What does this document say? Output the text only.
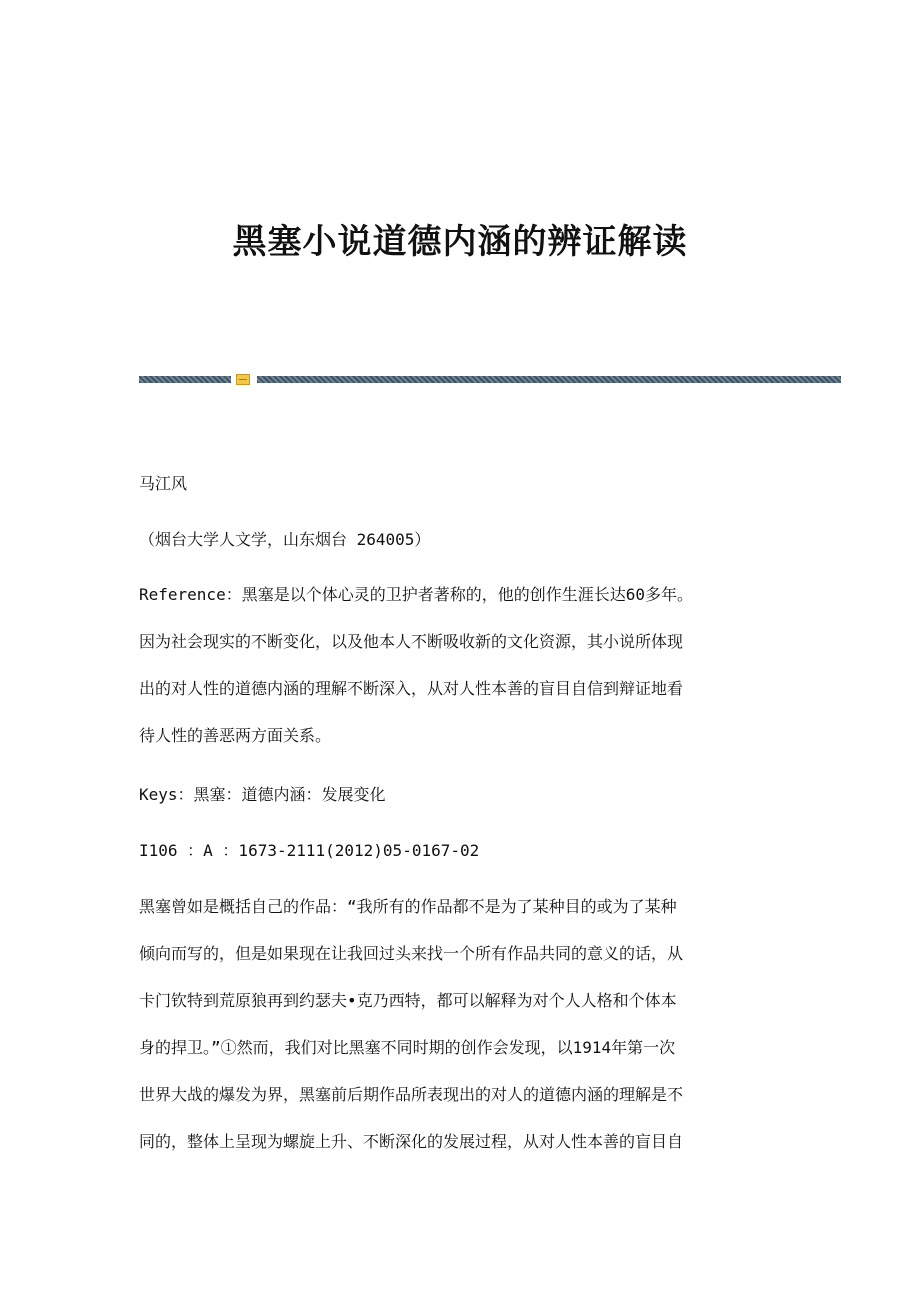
黑塞小说道德内涵的辨证解读

马江风

（烟台大学人文学，山东烟台 264005）

Reference：黑塞是以个体心灵的卫护者著称的，他的创作生涯长达60多年。
因为社会现实的不断变化，以及他本人不断吸收新的文化资源，其小说所体现
出的对人性的道德内涵的理解不断深入，从对人性本善的盲目自信到辩证地看
待人性的善恶两方面关系。

Keys：黑塞：道德内涵：发展变化

I106 ：A ：1673-2111(2012)05-0167-02

黑塞曾如是概括自己的作品：“我所有的作品都不是为了某种目的或为了某种
倾向而写的，但是如果现在让我回过头来找一个所有作品共同的意义的话，从
卡门钦特到荒原狼再到约瑟夫•克乃西特，都可以解释为对个人人格和个体本
身的捍卫。”①然而，我们对比黑塞不同时期的创作会发现，以1914年第一次
世界大战的爆发为界，黑塞前后期作品所表现出的对人的道德内涵的理解是不
同的，整体上呈现为螺旋上升、不断深化的发展过程，从对人性本善的盲目自
